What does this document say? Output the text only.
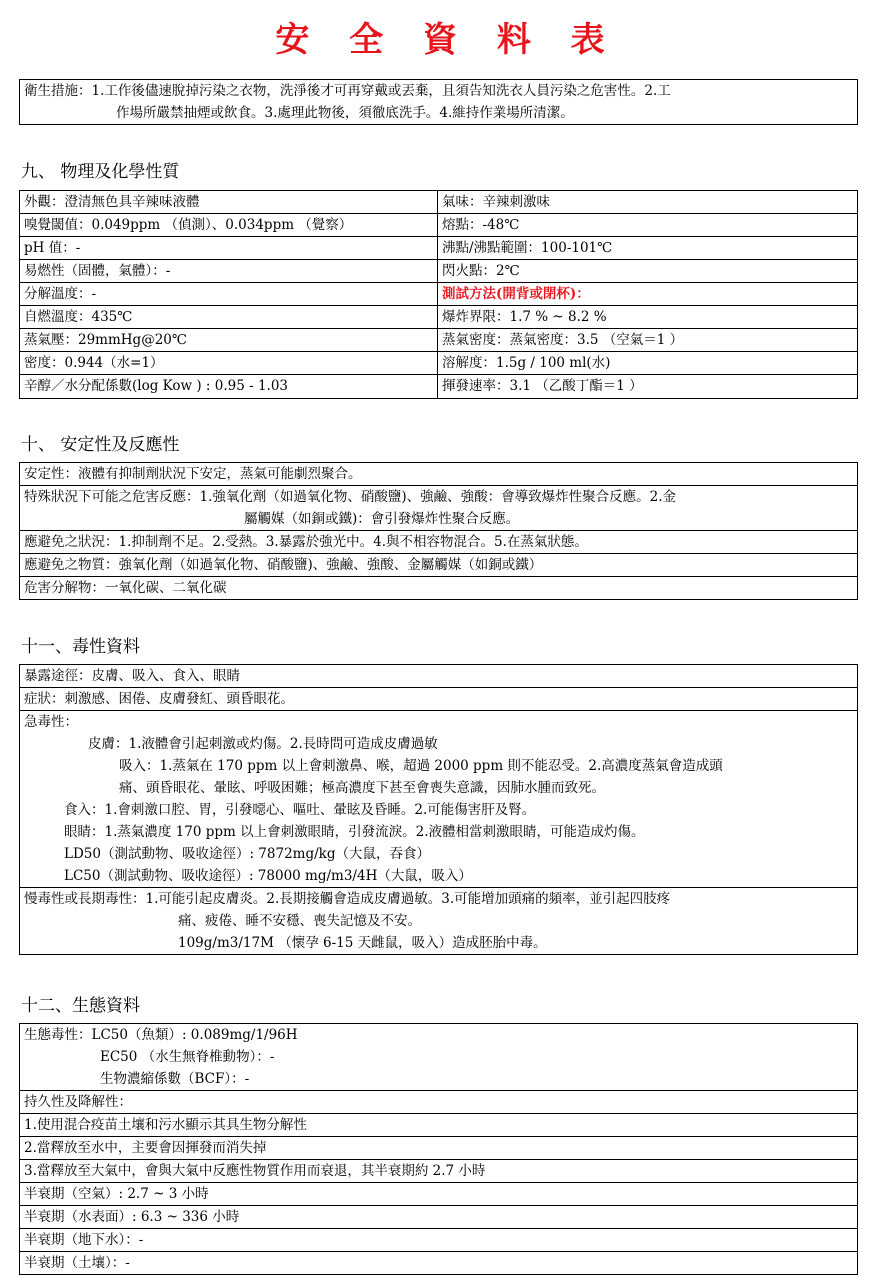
安 全 資 料 表
衛生措施：1.工作後儘速脫掉污染之衣物，洗淨後才可再穿戴或丟棄，且須告知洗衣人員污染之危害性。2.工
作場所嚴禁抽煙或飲食。3.處理此物後，須徹底洗手。4.維持作業場所清潔。
九、 物理及化學性質
外觀：澄清無色具辛辣味液體	氣味：辛辣刺激味
嗅覺閾值：0.049ppm （偵測）、0.034ppm （覺察）	熔點：-48℃
pH 值：-	沸點/沸點範圍：100-101℃
易燃性（固體，氣體）：-	閃火點：2℃
分解溫度：-	測試方法(開背或閉杯)：
自燃溫度：435℃	爆炸界限：1.7 % ~ 8.2 %
蒸氣壓：29mmHg@20℃	蒸氣密度：蒸氣密度：3.5 （空氣＝1 ）
密度：0.944（水=1）	溶解度：1.5g / 100 ml(水)
辛醇／水分配係數(log Kow ) : 0.95 - 1.03	揮發速率：3.1 （乙酸丁酯＝1 ）
十、 安定性及反應性
安定性：液體有抑制劑狀況下安定，蒸氣可能劇烈聚合。
特殊狀況下可能之危害反應：1.強氧化劑（如過氧化物、硝酸鹽)、強鹼、強酸：會導致爆炸性聚合反應。2.金
屬觸媒（如銅或鐵)：會引發爆炸性聚合反應。
應避免之狀況：1.抑制劑不足。2.受熱。3.暴露於強光中。4.與不相容物混合。5.在蒸氣狀態。
應避免之物質：強氧化劑（如過氧化物、硝酸鹽)、強鹼、強酸、金屬觸媒（如銅或鐵）
危害分解物：一氧化碳、二氧化碳
十一、毒性資料
暴露途徑：皮膚、吸入、食入、眼睛
症狀：刺激感、困倦、皮膚發紅、頭昏眼花。
急毒性：
皮膚：1.液體會引起刺激或灼傷。2.長時問可造成皮膚過敏
吸入：1.蒸氣在 170 ppm 以上會刺激鼻、喉，超過 2000 ppm 則不能忍受。2.高濃度蒸氣會造成頭
痛、頭昏眼花、暈眩、呼吸困難；極高濃度下甚至會喪失意識，因肺水腫而致死。
食入：1.會刺激口腔、胃，引發噁心、嘔吐、暈眩及昏睡。2.可能傷害肝及腎。
眼睛：1.蒸氣濃度 170 ppm 以上會刺激眼睛，引發流淚。2.液體相當刺激眼睛，可能造成灼傷。
LD50（測試動物、吸收途徑）: 7872mg/kg（大鼠，吞食）
LC50（測試動物、吸收途徑）: 78000 mg/m3/4H（大鼠，吸入）
慢毒性或長期毒性：1.可能引起皮膚炎。2.長期接觸會造成皮膚過敏。3.可能增加頭痛的頻率，並引起四肢疼
痛、疲倦、睡不安穩、喪失記憶及不安。
109g/m3/17M （懷孕 6-15 天雌鼠，吸入）造成胚胎中毒。
十二、生態資料
生態毒性：LC50（魚類）: 0.089mg/1/96H
EC50 （水生無脊椎動物）：-
生物濃縮係數（BCF）：-
持久性及降解性：
1.使用混合疫苗土壤和污水顯示其具生物分解性
2.當釋放至水中，主要會因揮發而消失掉
3.當釋放至大氣中，會與大氣中反應性物質作用而衰退，其半衰期約 2.7 小時
半衰期（空氣）: 2.7 ~ 3 小時
半衰期（水表面）: 6.3 ~ 336 小時
半衰期（地下水）：-
半衰期（土壤）：-
